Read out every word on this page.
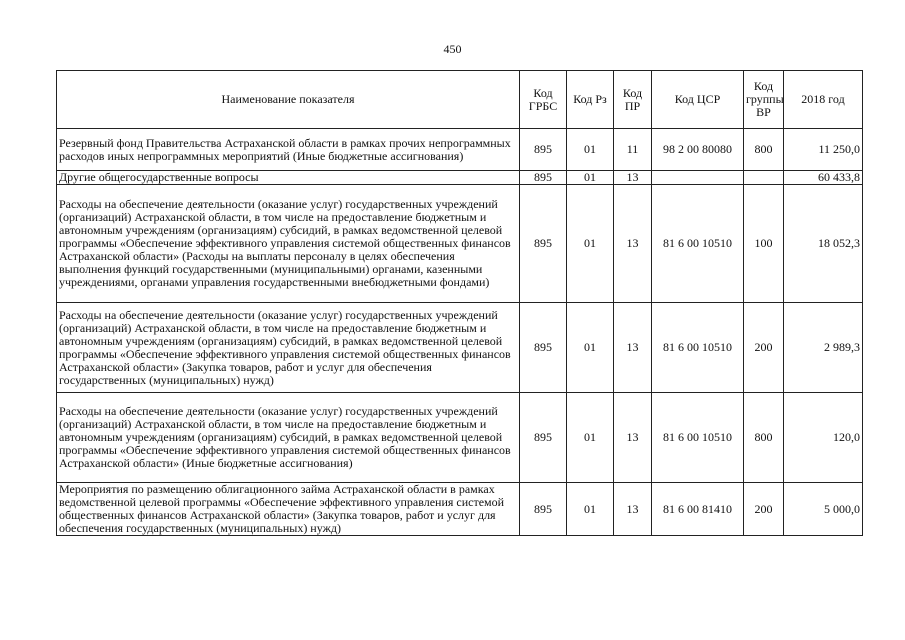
450
Наименование показателя	Код ГРБС	Код Рз	Код ПР	Код ЦСР	Код группы ВР	2018 год
Резервный фонд Правительства Астраханской области в рамках прочих непрограммных расходов иных непрограммных мероприятий (Иные бюджетные ассигнования)	895	01	11	98 2 00 80080	800	11 250,0
Другие общегосударственные вопросы	895	01	13			60 433,8
Расходы на обеспечение деятельности (оказание услуг) государственных учреждений (организаций) Астраханской области, в том числе на предоставление бюджетным и автономным учреждениям (организациям) субсидий, в рамках ведомственной целевой программы «Обеспечение эффективного управления системой общественных финансов Астраханской области» (Расходы на выплаты персоналу в целях обеспечения выполнения функций государственными (муниципальными) органами, казенными учреждениями, органами управления государственными внебюджетными фондами)	895	01	13	81 6 00 10510	100	18 052,3
Расходы на обеспечение деятельности (оказание услуг) государственных учреждений (организаций) Астраханской области, в том числе на предоставление бюджетным и автономным учреждениям (организациям) субсидий, в рамках ведомственной целевой программы «Обеспечение эффективного управления системой общественных финансов Астраханской области» (Закупка товаров, работ и услуг для обеспечения государственных (муниципальных) нужд)	895	01	13	81 6 00 10510	200	2 989,3
Расходы на обеспечение деятельности (оказание услуг) государственных учреждений (организаций) Астраханской области, в том числе на предоставление бюджетным и автономным учреждениям (организациям) субсидий, в рамках ведомственной целевой программы «Обеспечение эффективного управления системой общественных финансов Астраханской области» (Иные бюджетные ассигнования)	895	01	13	81 6 00 10510	800	120,0
Мероприятия по размещению облигационного займа Астраханской области в рамках ведомственной целевой программы «Обеспечение эффективного управления системой общественных финансов Астраханской области» (Закупка товаров, работ и услуг для обеспечения государственных (муниципальных) нужд)	895	01	13	81 6 00 81410	200	5 000,0
